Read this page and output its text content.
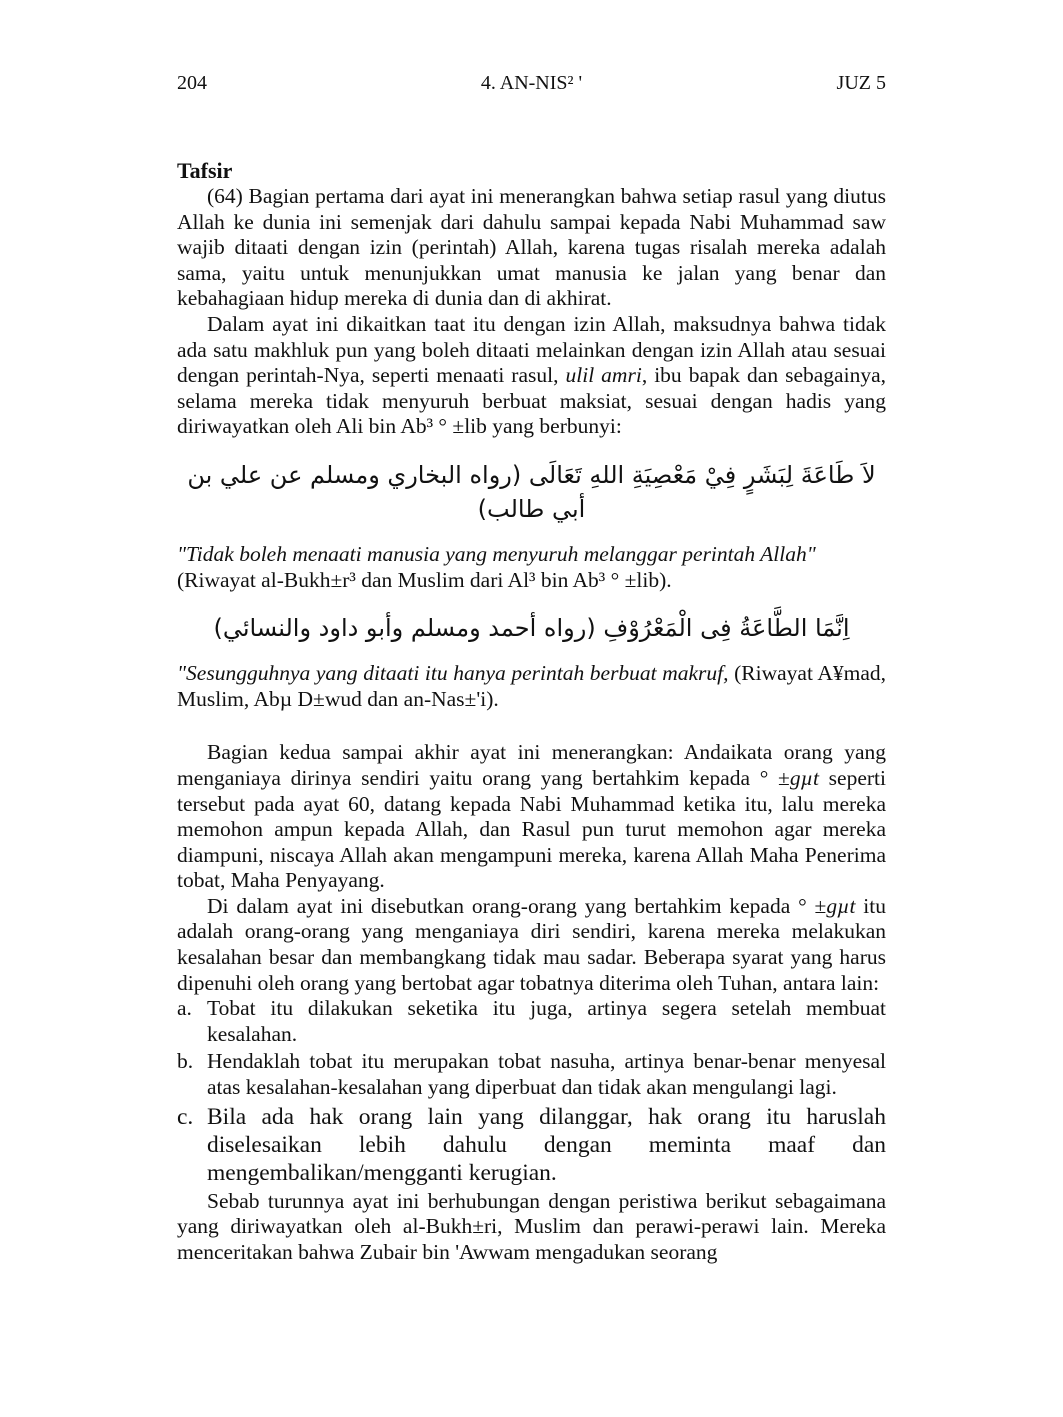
204	4. AN-NIS² '	JUZ 5
Tafsir

(64) Bagian pertama dari ayat ini menerangkan bahwa setiap rasul yang diutus Allah ke dunia ini semenjak dari dahulu sampai kepada Nabi Muhammad saw wajib ditaati dengan izin (perintah) Allah, karena tugas risalah mereka adalah sama, yaitu untuk menunjukkan umat manusia ke jalan yang benar dan kebahagiaan hidup mereka di dunia dan di akhirat.

Dalam ayat ini dikaitkan taat itu dengan izin Allah, maksudnya bahwa tidak ada satu makhluk pun yang boleh ditaati melainkan dengan izin Allah atau sesuai dengan perintah-Nya, seperti menaati rasul, ulil amri, ibu bapak dan sebagainya, selama mereka tidak menyuruh berbuat maksiat, sesuai dengan hadis yang diriwayatkan oleh Ali bin Ab³ ° ±lib yang berbunyi:

لاَ طَاعَةَ لِبَشَرٍ فِيْ مَعْصِيَةِ اللهِ تَعَالَى (رواه البخاري ومسلم عن علي بن أبي طالب)

"Tidak boleh menaati manusia yang menyuruh melanggar perintah Allah"
(Riwayat al-Bukh±r³ dan Muslim dari Al³ bin Ab³ ° ±lib).

اِنَّمَا الطَّاعَةُ فِى الْمَعْرُوْفِ (رواه أحمد ومسلم وأبو داود والنسائي)

"Sesungguhnya yang ditaati itu hanya perintah berbuat makruf, (Riwayat A¥mad, Muslim, Abµ D±wud dan an-Nas±'i).

Bagian kedua sampai akhir ayat ini menerangkan: Andaikata orang yang menganiaya dirinya sendiri yaitu orang yang bertahkim kepada ° ±gµt seperti tersebut pada ayat 60, datang kepada Nabi Muhammad ketika itu, lalu mereka memohon ampun kepada Allah, dan Rasul pun turut memohon agar mereka diampuni, niscaya Allah akan mengampuni mereka, karena Allah Maha Penerima tobat, Maha Penyayang.

Di dalam ayat ini disebutkan orang-orang yang bertahkim kepada ° ±gµt itu adalah orang-orang yang menganiaya diri sendiri, karena mereka melakukan kesalahan besar dan membangkang tidak mau sadar. Beberapa syarat yang harus dipenuhi oleh orang yang bertobat agar tobatnya diterima oleh Tuhan, antara lain:

a. Tobat itu dilakukan seketika itu juga, artinya segera setelah membuat kesalahan.
b. Hendaklah tobat itu merupakan tobat nasuha, artinya benar-benar menyesal atas kesalahan-kesalahan yang diperbuat dan tidak akan mengulangi lagi.
c. Bila ada hak orang lain yang dilanggar, hak orang itu haruslah diselesaikan lebih dahulu dengan meminta maaf dan mengembalikan/mengganti kerugian.

Sebab turunnya ayat ini berhubungan dengan peristiwa berikut sebagaimana yang diriwayatkan oleh al-Bukh±ri, Muslim dan perawi-perawi lain. Mereka menceritakan bahwa Zubair bin 'Awwam mengadukan seorang
